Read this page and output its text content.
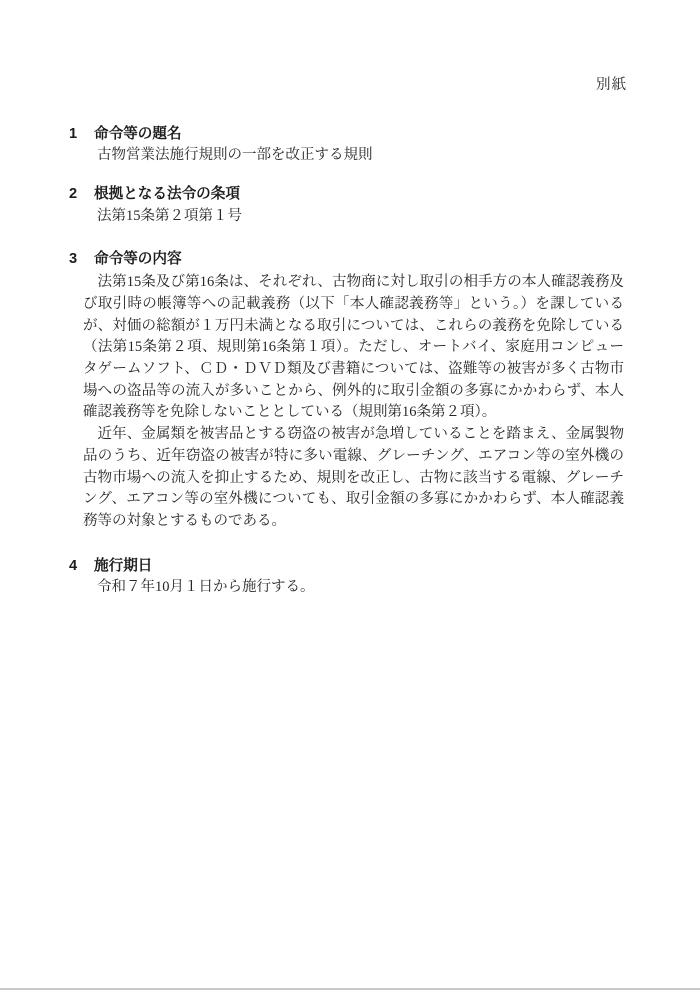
別紙
1 命令等の題名
古物営業法施行規則の一部を改正する規則
2 根拠となる法令の条項
法第15条第２項第１号
3 命令等の内容

法第15条及び第16条は、それぞれ、古物商に対し取引の相手方の本人確認義務及び取引時の帳簿等への記載義務（以下「本人確認義務等」という。）を課しているが、対価の総額が１万円未満となる取引については、これらの義務を免除している（法第15条第２項、規則第16条第１項）。ただし、オートバイ、家庭用コンピュータゲームソフト、ＣＤ・ＤＶＤ類及び書籍については、盗難等の被害が多く古物市場への盗品等の流入が多いことから、例外的に取引金額の多寡にかかわらず、本人確認義務等を免除しないこととしている（規則第16条第２項）。

近年、金属類を被害品とする窃盗の被害が急増していることを踏まえ、金属製物品のうち、近年窃盗の被害が特に多い電線、グレーチング、エアコン等の室外機の古物市場への流入を抑止するため、規則を改正し、古物に該当する電線、グレーチング、エアコン等の室外機についても、取引金額の多寡にかかわらず、本人確認義務等の対象とするものである。

4 施行期日
令和７年10月１日から施行する。
